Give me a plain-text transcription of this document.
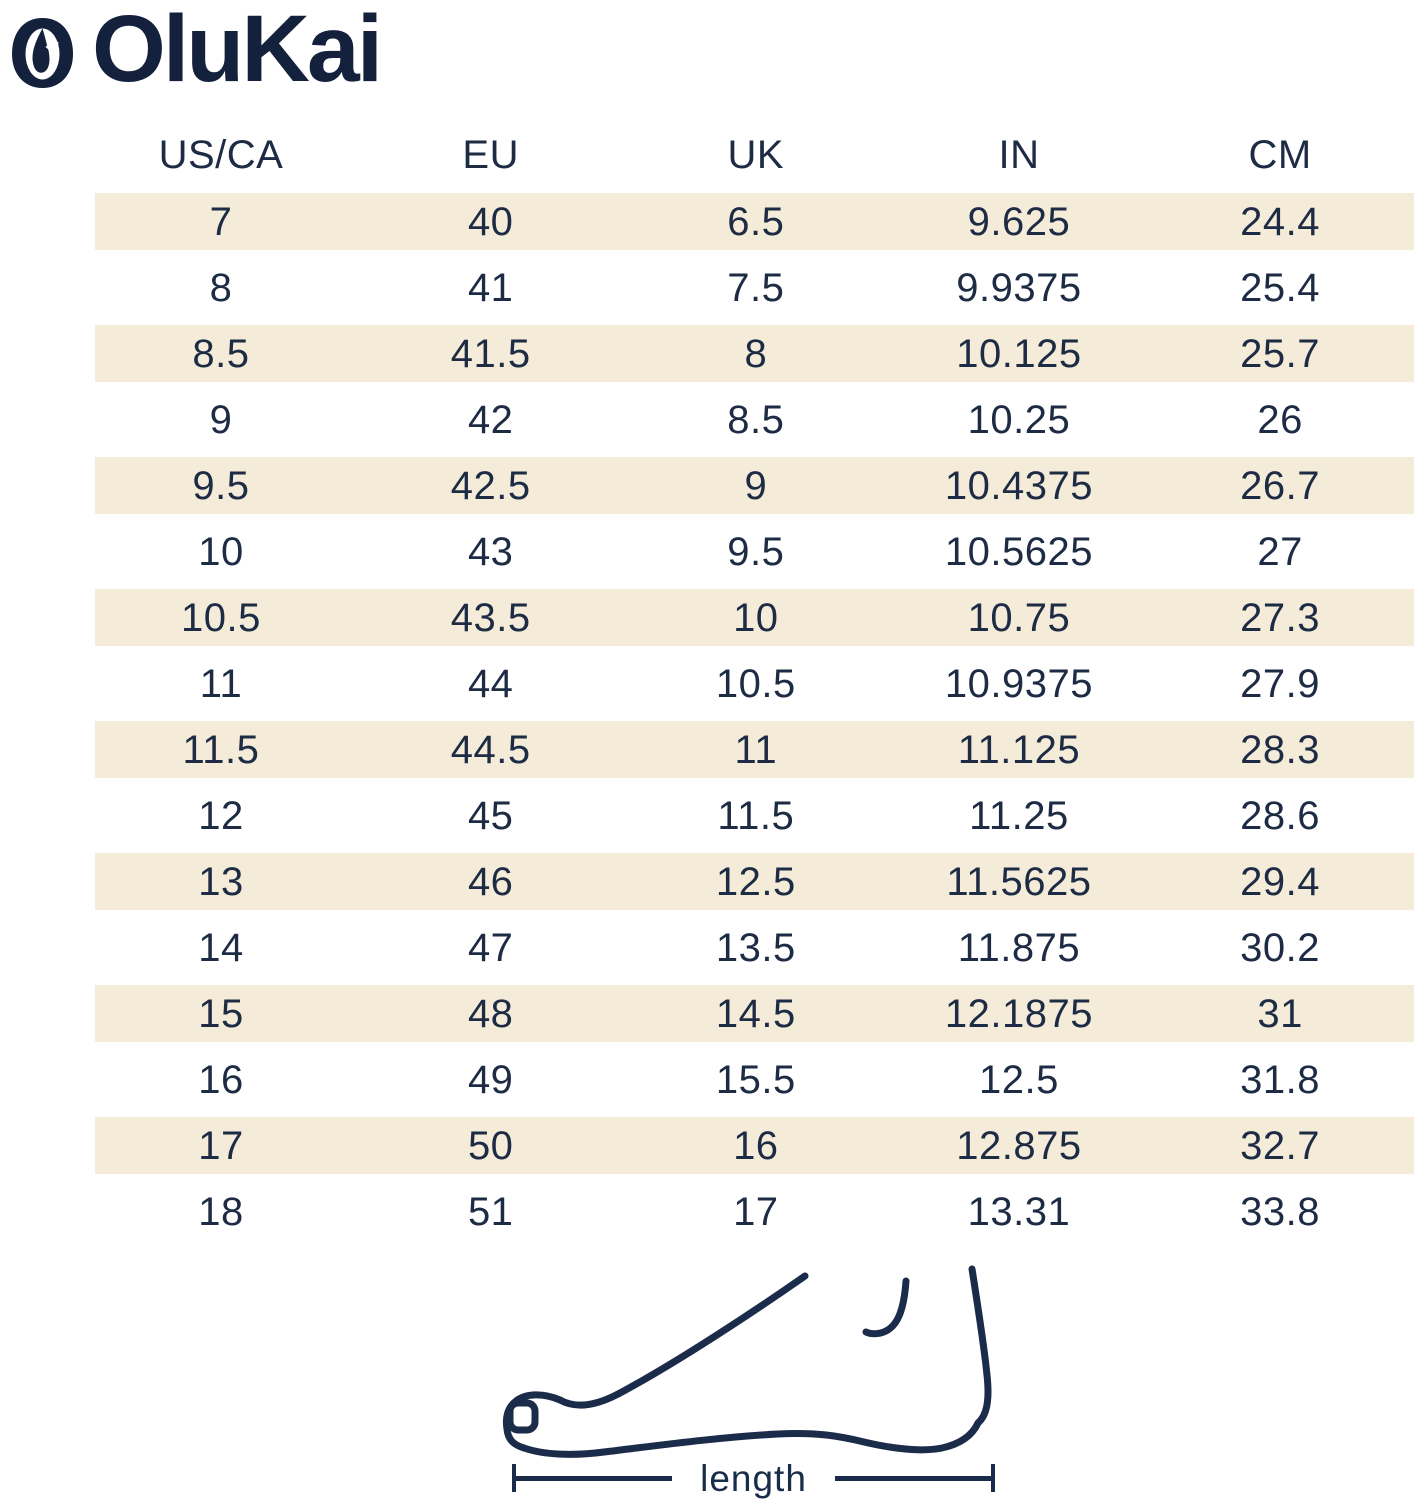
OluKai
US/CA	EU	UK	IN	CM
7	40	6.5	9.625	24.4
8	41	7.5	9.9375	25.4
8.5	41.5	8	10.125	25.7
9	42	8.5	10.25	26
9.5	42.5	9	10.4375	26.7
10	43	9.5	10.5625	27
10.5	43.5	10	10.75	27.3
11	44	10.5	10.9375	27.9
11.5	44.5	11	11.125	28.3
12	45	11.5	11.25	28.6
13	46	12.5	11.5625	29.4
14	47	13.5	11.875	30.2
15	48	14.5	12.1875	31
16	49	15.5	12.5	31.8
17	50	16	12.875	32.7
18	51	17	13.31	33.8
length
